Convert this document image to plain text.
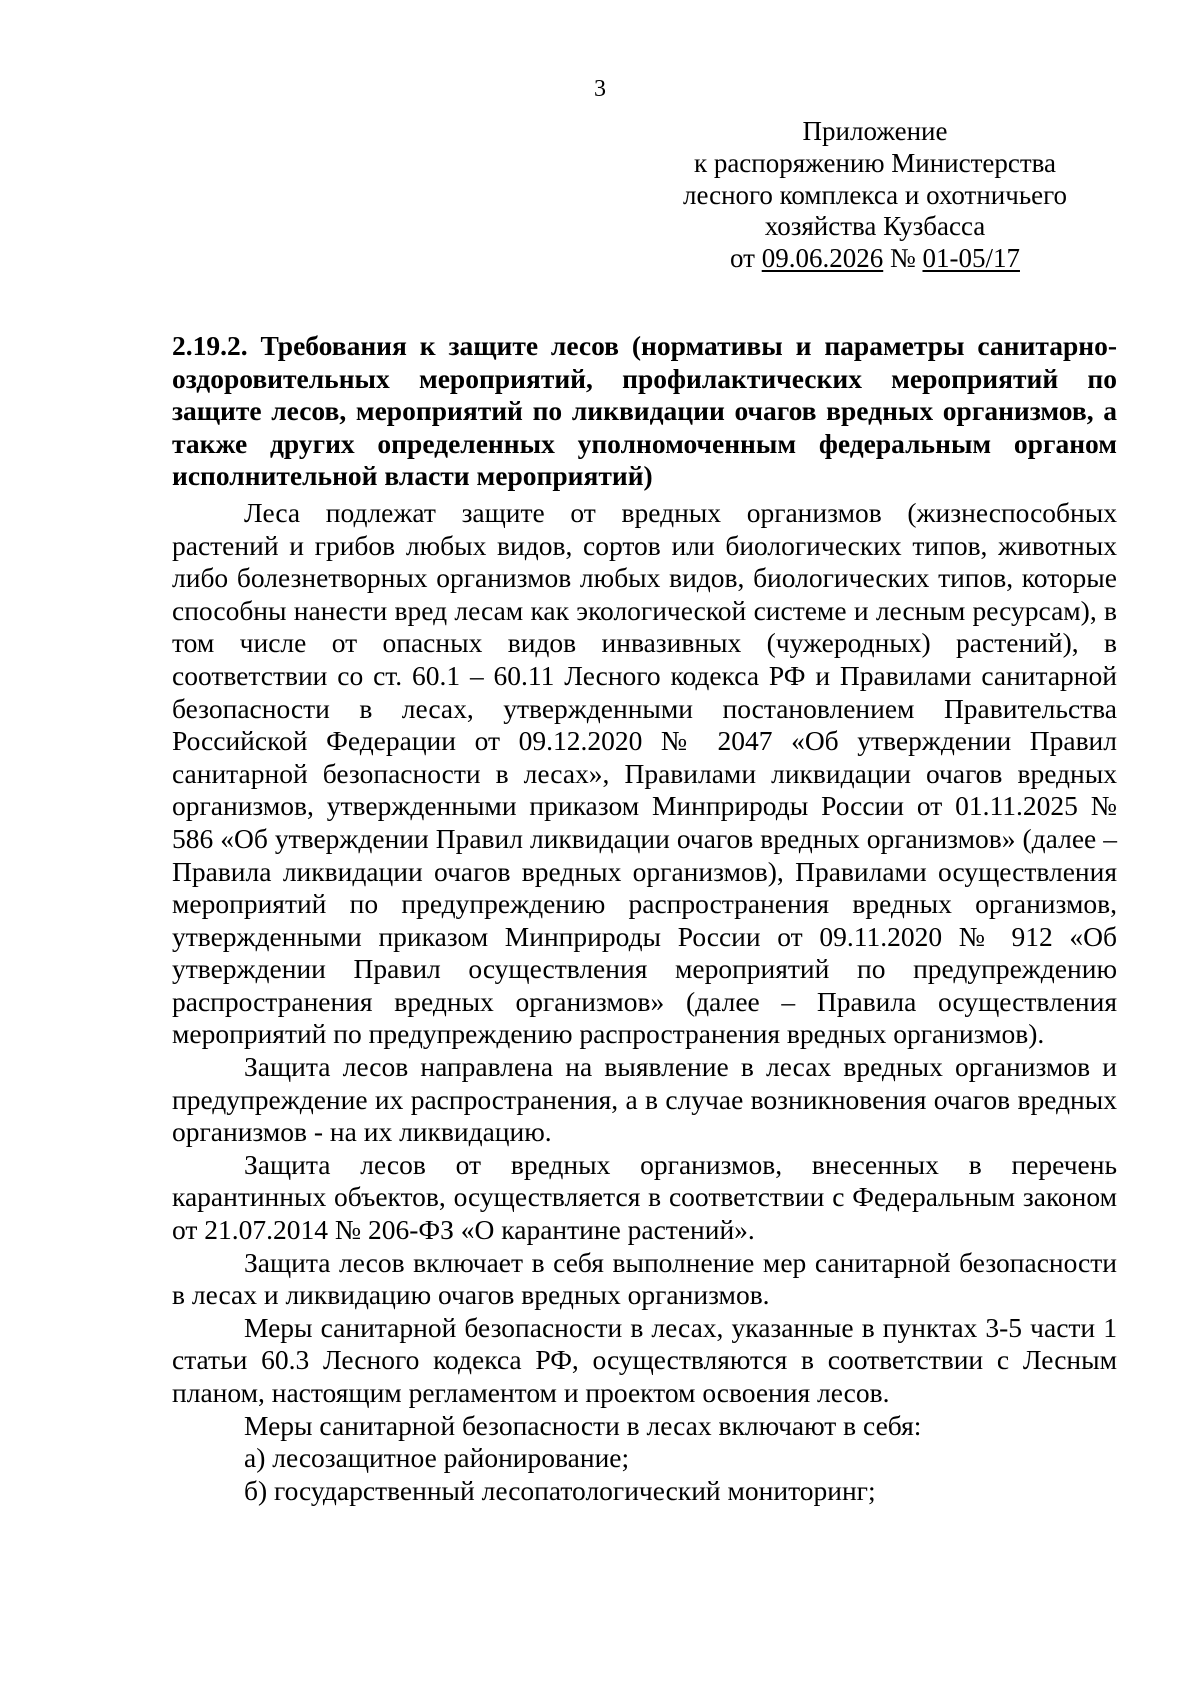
3
Приложение
к распоряжению Министерства
лесного комплекса и охотничьего
хозяйства Кузбасса
от 09.06.2026 № 01-05/17

2.19.2. Требования к защите лесов (нормативы и параметры санитарно-оздоровительных мероприятий, профилактических мероприятий по защите лесов, мероприятий по ликвидации очагов вредных организмов, а также других определенных уполномоченным федеральным органом исполнительной власти мероприятий)

Леса подлежат защите от вредных организмов (жизнеспособных растений и грибов любых видов, сортов или биологических типов, животных либо болезнетворных организмов любых видов, биологических типов, которые способны нанести вред лесам как экологической системе и лесным ресурсам), в том числе от опасных видов инвазивных (чужеродных) растений), в соответствии со ст. 60.1 – 60.11 Лесного кодекса РФ и Правилами санитарной безопасности в лесах, утвержденными постановлением Правительства Российской Федерации от 09.12.2020 № 2047 «Об утверждении Правил санитарной безопасности в лесах», Правилами ликвидации очагов вредных организмов, утвержденными приказом Минприроды России от 01.11.2025 № 586 «Об утверждении Правил ликвидации очагов вредных организмов» (далее – Правила ликвидации очагов вредных организмов), Правилами осуществления мероприятий по предупреждению распространения вредных организмов, утвержденными приказом Минприроды России от 09.11.2020 № 912 «Об утверждении Правил осуществления мероприятий по предупреждению распространения вредных организмов» (далее – Правила осуществления мероприятий по предупреждению распространения вредных организмов).

Защита лесов направлена на выявление в лесах вредных организмов и предупреждение их распространения, а в случае возникновения очагов вредных организмов - на их ликвидацию.

Защита лесов от вредных организмов, внесенных в перечень карантинных объектов, осуществляется в соответствии с Федеральным законом от 21.07.2014 № 206-ФЗ «О карантине растений».

Защита лесов включает в себя выполнение мер санитарной безопасности в лесах и ликвидацию очагов вредных организмов.

Меры санитарной безопасности в лесах, указанные в пунктах 3-5 части 1 статьи 60.3 Лесного кодекса РФ, осуществляются в соответствии с Лесным планом, настоящим регламентом и проектом освоения лесов.

Меры санитарной безопасности в лесах включают в себя:

а) лесозащитное районирование;

б) государственный лесопатологический мониторинг;
